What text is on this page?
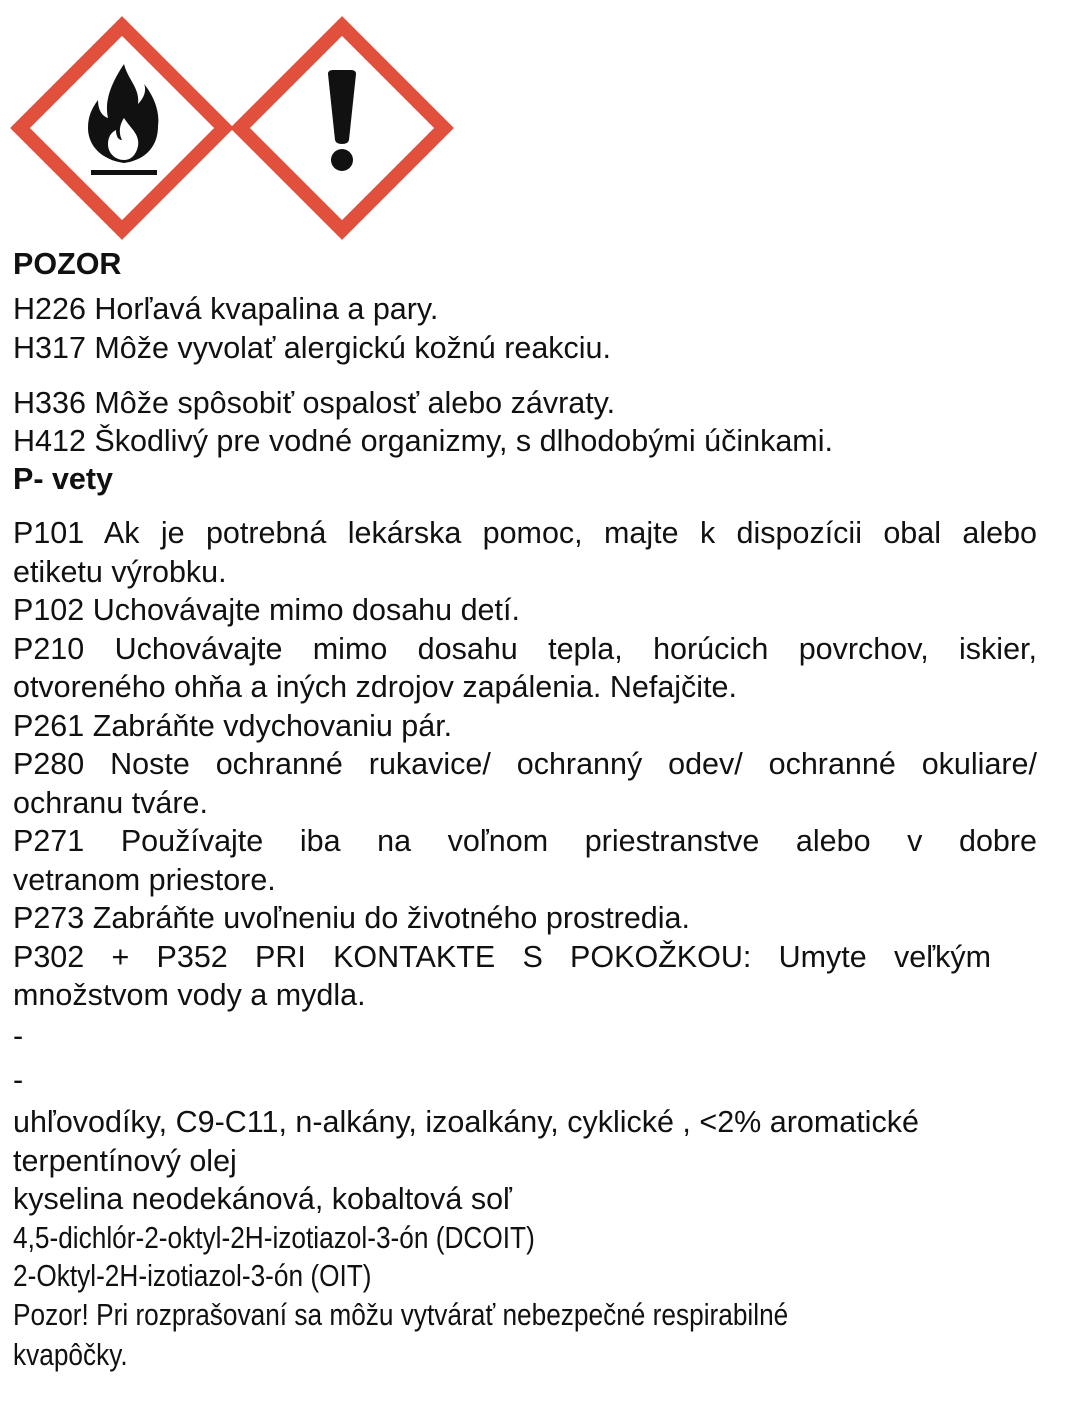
POZOR
H226 Horľavá kvapalina a pary.
H317 Môže vyvolať alergickú kožnú reakciu.
H336 Môže spôsobiť ospalosť alebo závraty.
H412 Škodlivý pre vodné organizmy, s dlhodobými účinkami.
P- vety
P101 Ak je potrebná lekárska pomoc, majte k dispozícii obal alebo
etiketu výrobku.
P102 Uchovávajte mimo dosahu detí.
P210 Uchovávajte mimo dosahu tepla, horúcich povrchov, iskier,
otvoreného ohňa a iných zdrojov zapálenia. Nefajčite.
P261 Zabráňte vdychovaniu pár.
P280 Noste ochranné rukavice/ ochranný odev/ ochranné okuliare/
ochranu tváre.
P271 Používajte iba na voľnom priestranstve alebo v dobre
vetranom priestore.
P273 Zabráňte uvoľneniu do životného prostredia.
P302 + P352 PRI KONTAKTE S POKOŽKOU: Umyte veľkým
množstvom vody a mydla.
-
-
uhľovodíky, C9-C11, n-alkány, izoalkány, cyklické , <2% aromatické
terpentínový olej
kyselina neodekánová, kobaltová soľ
4,5-dichlór-2-oktyl-2H-izotiazol-3-ón (DCOIT)
2-Oktyl-2H-izotiazol-3-ón (OIT)
Pozor! Pri rozprašovaní sa môžu vytvárať nebezpečné respirabilné
kvapôčky.
